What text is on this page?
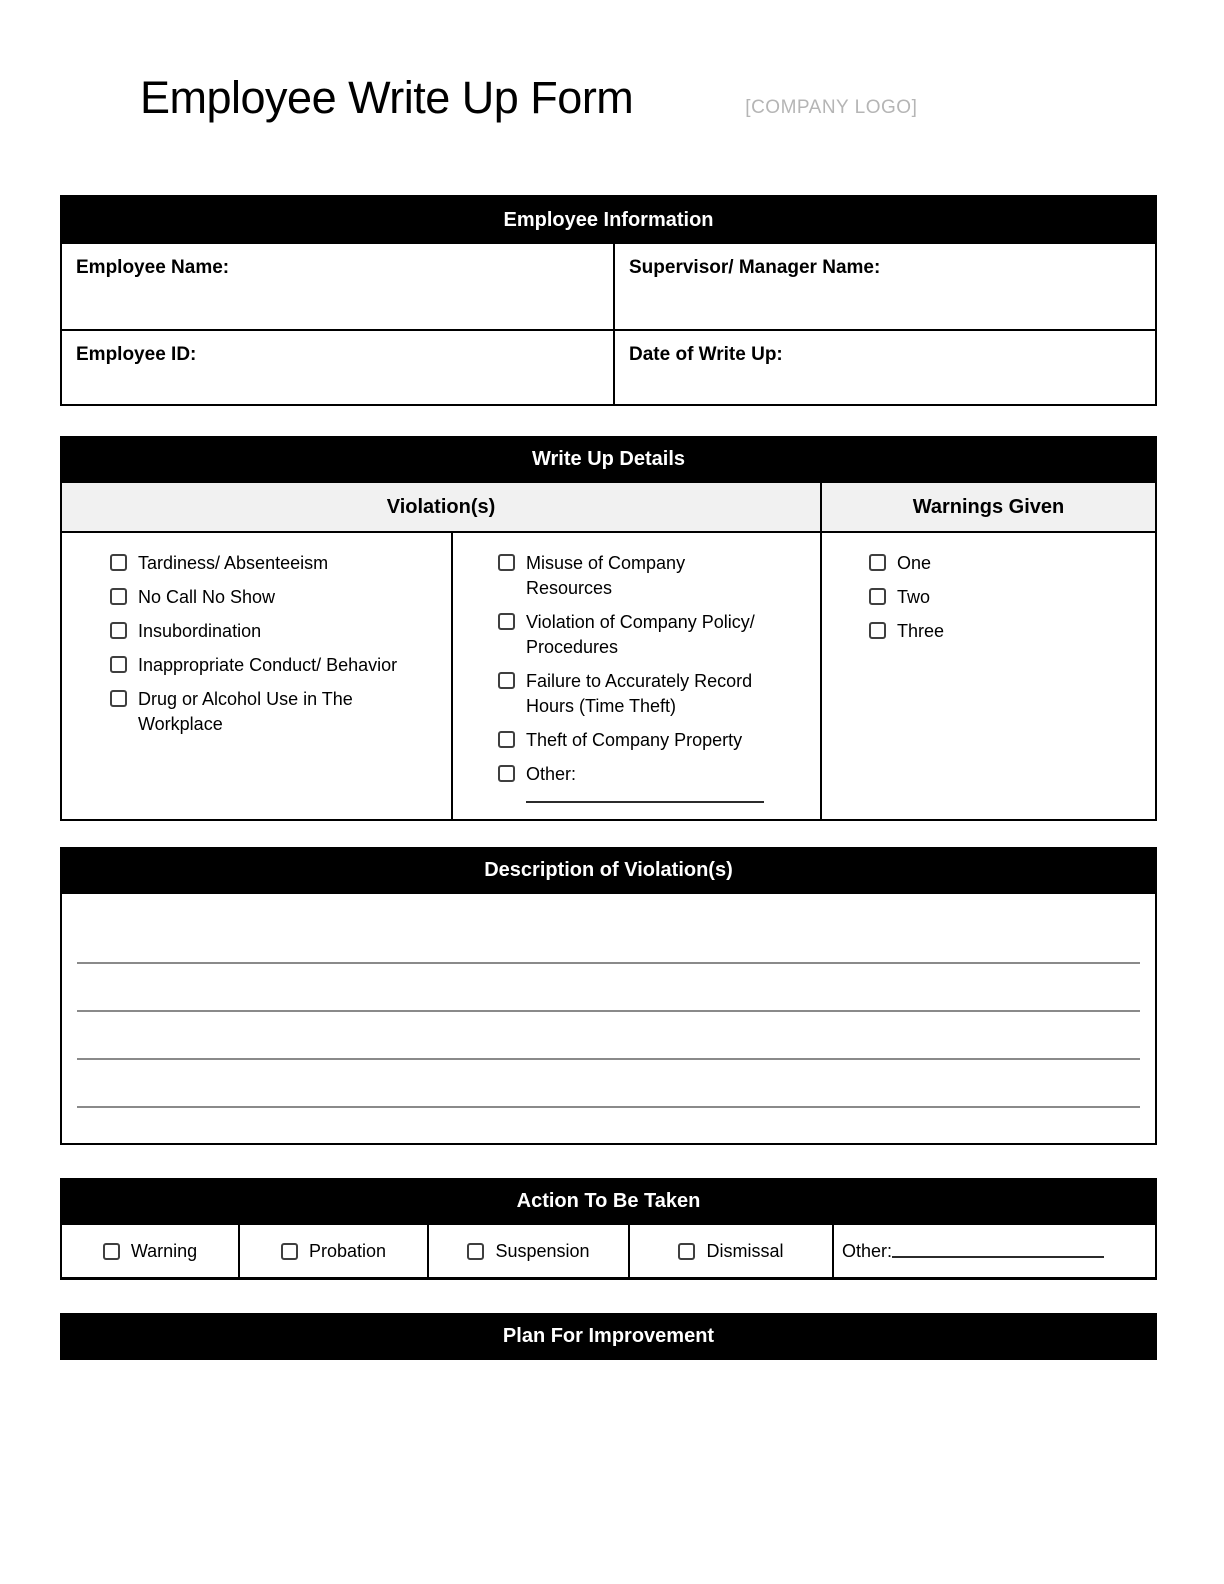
Employee Write Up Form	[COMPANY LOGO]
Employee Information
Employee Name:	Supervisor/ Manager Name:
Employee ID:	Date of Write Up:
Write Up Details
Violation(s)	Warnings Given
Tardiness/ Absenteeism
No Call No Show
Insubordination
Inappropriate Conduct/ Behavior
Drug or Alcohol Use in The Workplace
Misuse of Company Resources
Violation of Company Policy/ Procedures
Failure to Accurately Record Hours (Time Theft)
Theft of Company Property
Other:
One
Two
Three
Description of Violation(s)
Action To Be Taken
Warning	Probation	Suspension	Dismissal	Other:
Plan For Improvement
